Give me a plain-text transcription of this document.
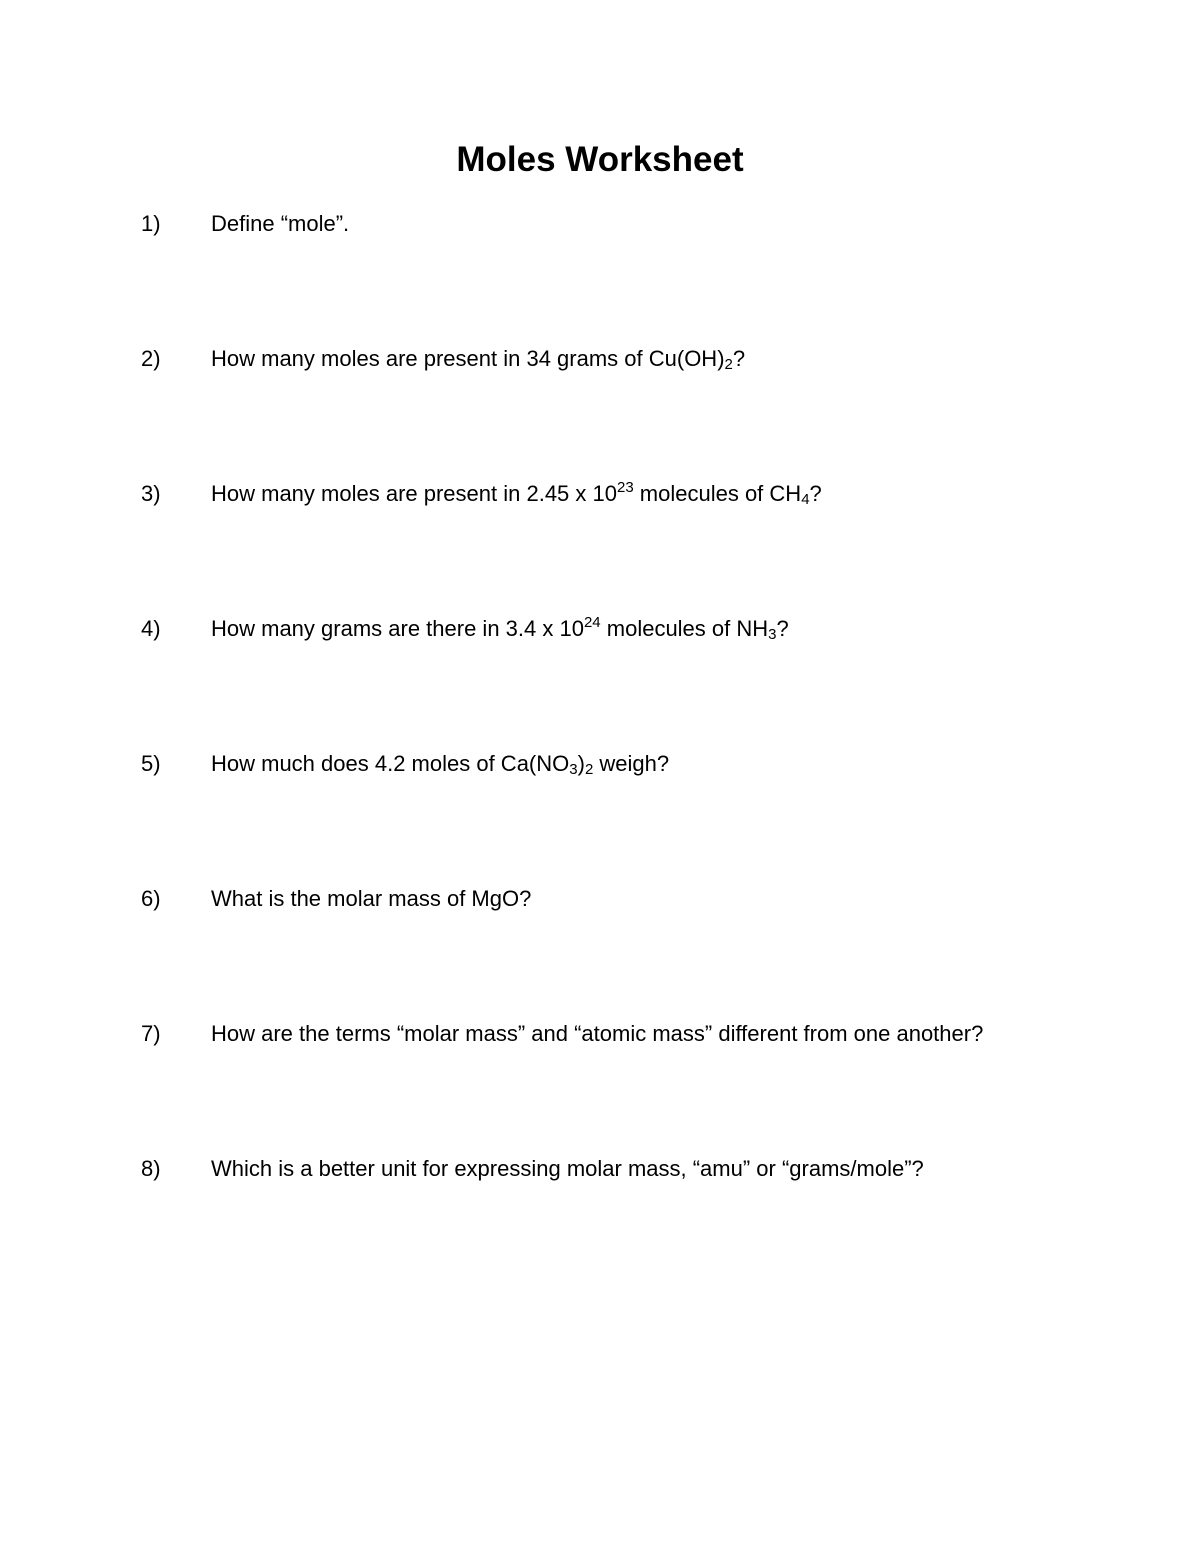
Moles Worksheet
1) Define “mole”.
2) How many moles are present in 34 grams of $Cu(OH)_2$?
3) How many moles are present in 2.45 x $10^{23}$ molecules of $CH_4$?
4) How many grams are there in 3.4 x $10^{24}$ molecules of $NH_3$?
5) How much does 4.2 moles of $Ca(NO_3)_2$ weigh?
6) What is the molar mass of MgO?
7) How are the terms “molar mass” and “atomic mass” different from one another?
8) Which is a better unit for expressing molar mass, “amu” or “grams/mole”?
